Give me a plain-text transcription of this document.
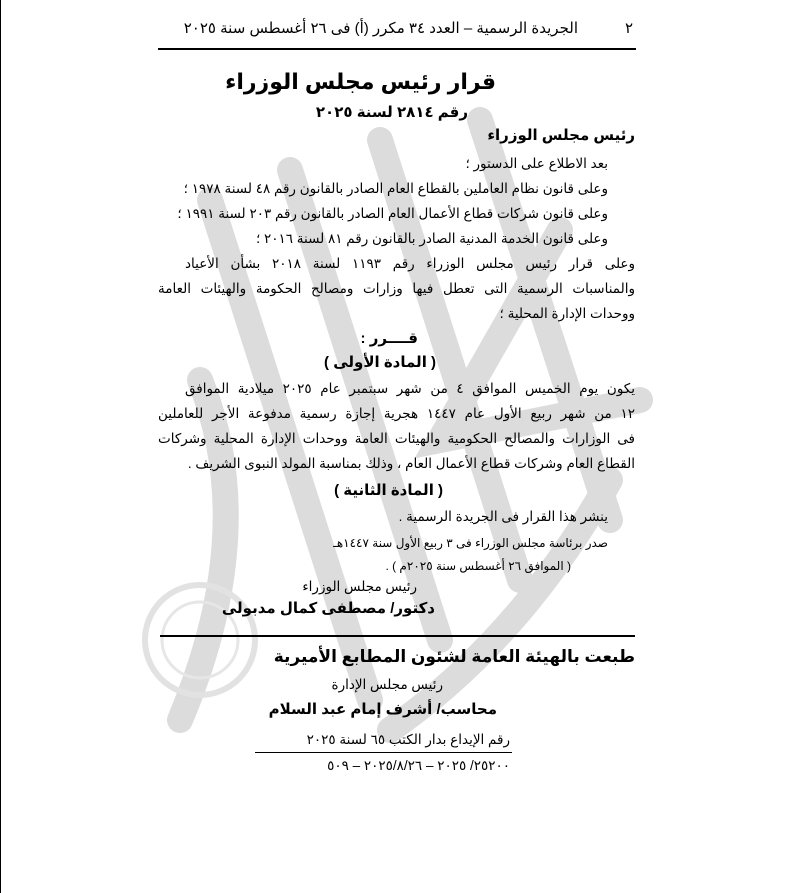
٢
الجريدة الرسمية – العدد ٣٤ مكرر (أ) فى ٢٦ أغسطس سنة ٢٠٢٥
قرار رئيس مجلس الوزراء
رقم ٢٨١٤ لسنة ٢٠٢٥
رئيس مجلس الوزراء
بعد الاطلاع على الدستور ؛
وعلى قانون نظام العاملين بالقطاع العام الصادر بالقانون رقم ٤٨ لسنة ١٩٧٨ ؛
وعلى قانون شركات قطاع الأعمال العام الصادر بالقانون رقم ٢٠٣ لسنة ١٩٩١ ؛
وعلى قانون الخدمة المدنية الصادر بالقانون رقم ٨١ لسنة ٢٠١٦ ؛
وعلى قرار رئيس مجلس الوزراء رقم ١١٩٣ لسنة ٢٠١٨ بشأن الأعياد
والمناسبات الرسمية التى تعطل فيها وزارات ومصالح الحكومة والهيئات العامة
ووحدات الإدارة المحلية ؛
قــــرر :
( المادة الأولى )
يكون يوم الخميس الموافق ٤ من شهر سبتمبر عام ٢٠٢٥ ميلادية الموافق
١٢ من شهر ربيع الأول عام ١٤٤٧ هجرية إجازة رسمية مدفوعة الأجر للعاملين
فى الوزارات والمصالح الحكومية والهيئات العامة ووحدات الإدارة المحلية وشركات
القطاع العام وشركات قطاع الأعمال العام ، وذلك بمناسبة المولد النبوى الشريف .
( المادة الثانية )
ينشر هذا القرار فى الجريدة الرسمية .
صدر برئاسة مجلس الوزراء فى ٣ ربيع الأول سنة ١٤٤٧هـ
( الموافق ٢٦ أغسطس سنة ٢٠٢٥م ) .
رئيس مجلس الوزراء
دكتور/ مصطفى كمال مدبولى
طبعت بالهيئة العامة لشئون المطابع الأميرية
رئيس مجلس الإدارة
محاسب/ أشرف إمام عبد السلام
رقم الإيداع بدار الكتب ٦٥ لسنة ٢٠٢٥
٢٥٢٠٠/ ٢٠٢٥ – ٢٠٢٥/٨/٢٦ – ٥٠٩
